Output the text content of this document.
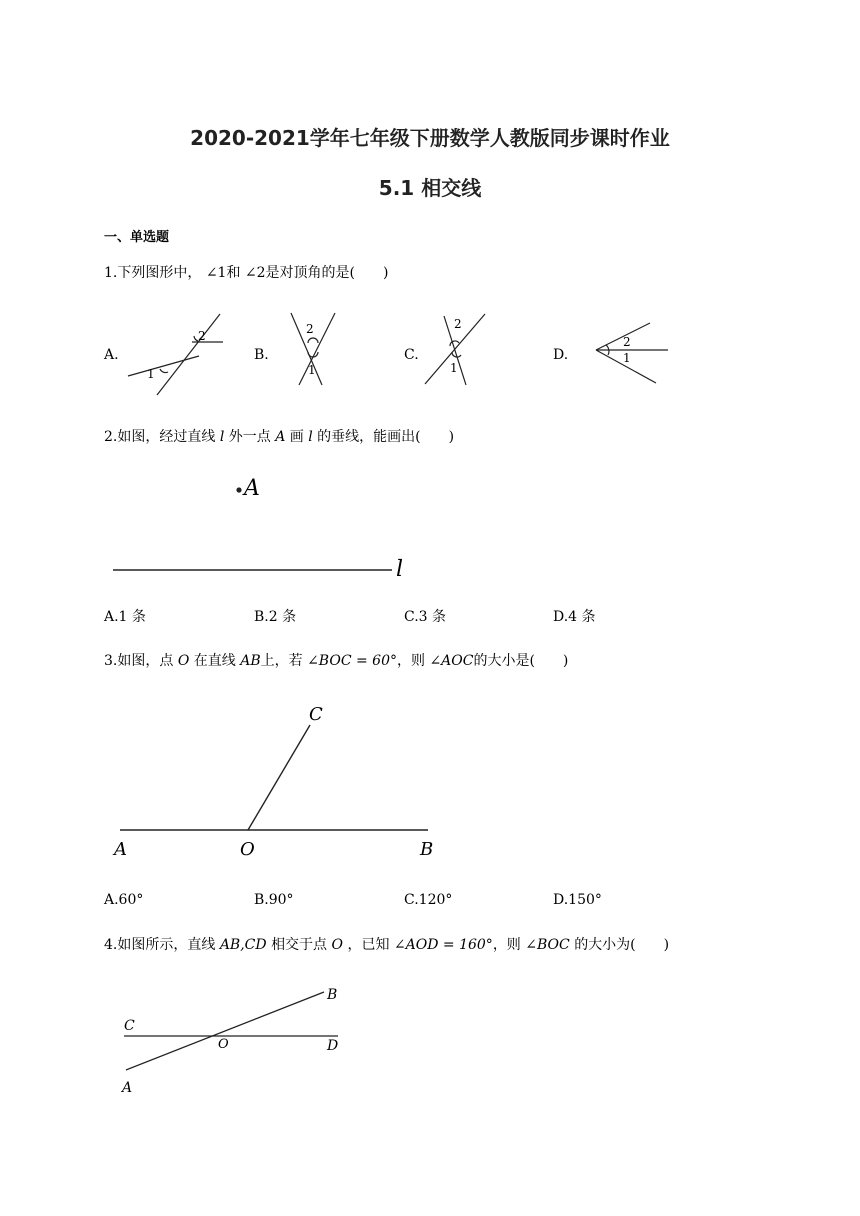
2020-2021学年七年级下册数学人教版同步课时作业
5.1 相交线
一、单选题
1.下列图形中， ∠1和 ∠2是对顶角的是(　　)
A.	B.	C.	D.
1
2	2
1
2
1
2
1
2.如图，经过直线 l 外一点 A 画 l 的垂线，能画出(　　)
A
l
A.1 条	B.2 条	C.3 条	D.4 条
3.如图，点 O 在直线 AB上，若 ∠BOC = 60°，则 ∠AOC的大小是(　　)
A	O	B
C
A.60°	B.90°	C.120°	D.150°
4.如图所示，直线 AB,CD 相交于点 O ，已知 ∠AOD = 160°，则 ∠BOC 的大小为(　　)
C
O	D
B
A
